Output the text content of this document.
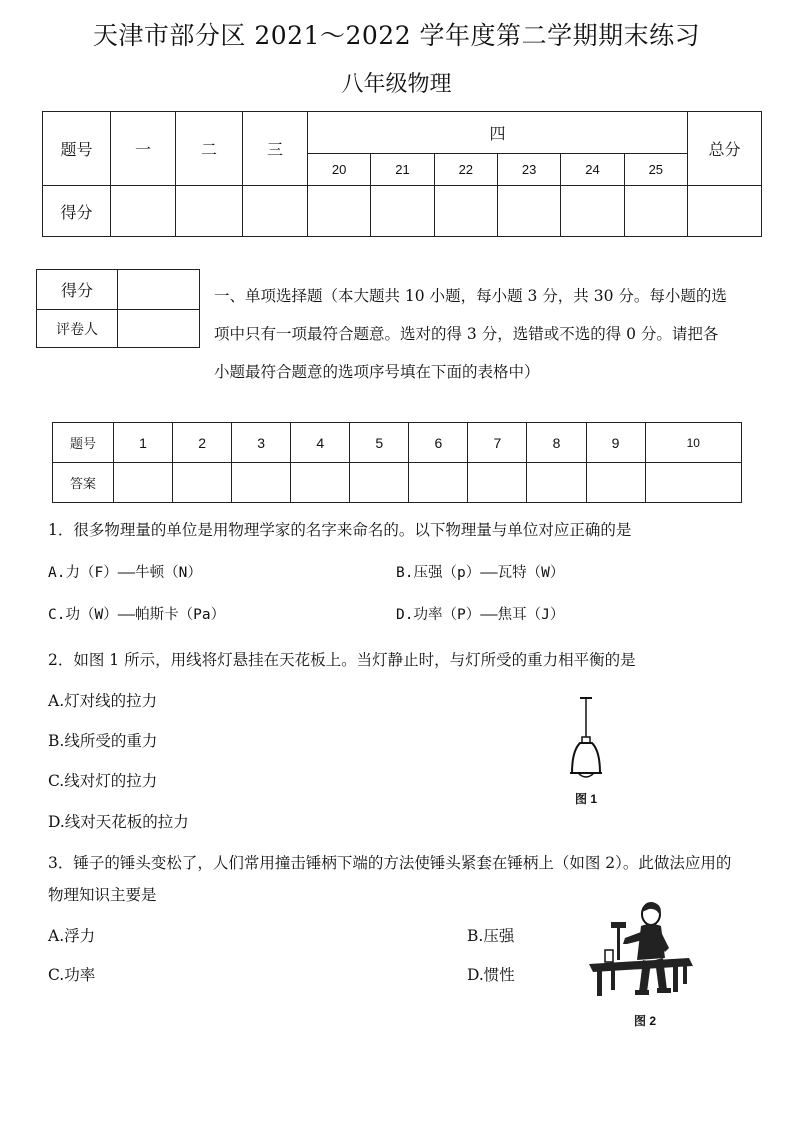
天津市部分区 2021～2022 学年度第二学期期末练习
八年级物理
题号	一	二	三	四						总分
				20	21	22	23	24	25	
得分										
得分	
评卷人	
一、单项选择题（本大题共 10 小题，每小题 3 分，共 30 分。每小题的选
项中只有一项最符合题意。选对的得 3 分，选错或不选的得 0 分。请把各
小题最符合题意的选项序号填在下面的表格中）
题号	1	2	3	4	5	6	7	8	9	10
答案										
1．很多物理量的单位是用物理学家的名字来命名的。以下物理量与单位对应正确的是
A.力（F）——牛顿（N）	B.压强（p）——瓦特（W）
C.功（W）——帕斯卡（Pa）	D.功率（P）——焦耳（J）
2．如图 1 所示，用线将灯悬挂在天花板上。当灯静止时，与灯所受的重力相平衡的是
A.灯对线的拉力
B.线所受的重力
C.线对灯的拉力
D.线对天花板的拉力
图 1
3．锤子的锤头变松了，人们常用撞击锤柄下端的方法使锤头紧套在锤柄上（如图 2）。此做法应用的
物理知识主要是
A.浮力	B.压强
C.功率	D.惯性
图 2
